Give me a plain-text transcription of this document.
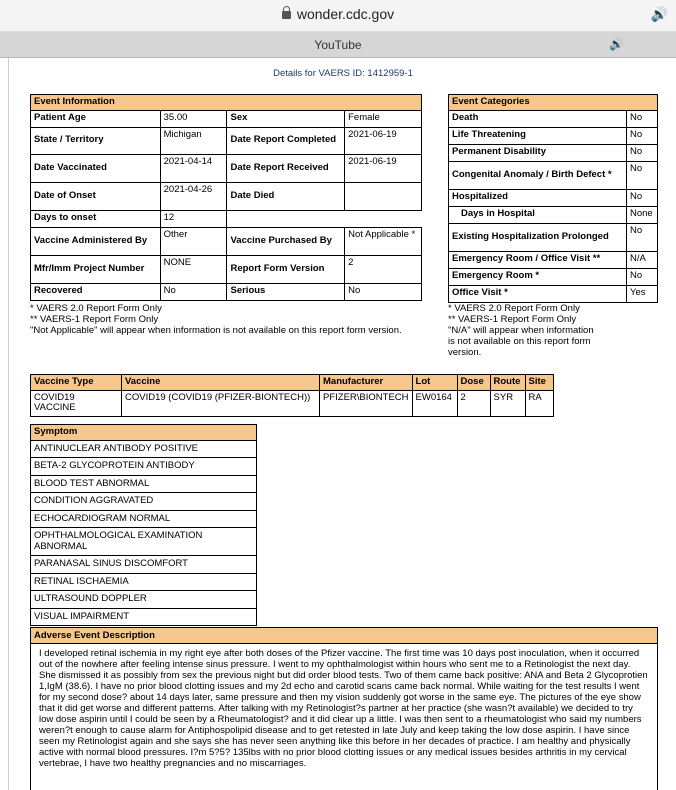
wonder.cdc.gov	🔊
YouTube	🔊
Details for VAERS ID: 1412959-1
Event Information			
Patient Age	35.00	Sex	Female
State / Territory	Michigan	Date Report Completed	2021-06-19
Date Vaccinated	2021-04-14	Date Report Received	2021-06-19
Date of Onset	2021-04-26	Date Died	
Days to onset	12		
Vaccine Administered By	Other	Vaccine Purchased By	Not Applicable *
Mfr/Imm Project Number	NONE	Report Form Version	2
Recovered	No	Serious	No
* VAERS 2.0 Report Form Only
** VAERS-1 Report Form Only
"Not Applicable" will appear when information is not available on this report form version.
Event Categories	
Death	No
Life Threatening	No
Permanent Disability	No
Congenital Anomaly / Birth Defect *	No
Hospitalized	No
Days in Hospital	None
Existing Hospitalization Prolonged	No
Emergency Room / Office Visit **	N/A
Emergency Room *	No
Office Visit *	Yes
* VAERS 2.0 Report Form Only
** VAERS-1 Report Form Only
"N/A" will appear when information is not available on this report form version.
Vaccine Type	Vaccine	Manufacturer	Lot	Dose	Route	Site
COVID19 VACCINE	COVID19 (COVID19 (PFIZER-BIONTECH))	PFIZER\BIONTECH	EW0164	2	SYR	RA
Symptom
ANTINUCLEAR ANTIBODY POSITIVE
BETA-2 GLYCOPROTEIN ANTIBODY
BLOOD TEST ABNORMAL
CONDITION AGGRAVATED
ECHOCARDIOGRAM NORMAL
OPHTHALMOLOGICAL EXAMINATION ABNORMAL
PARANASAL SINUS DISCOMFORT
RETINAL ISCHAEMIA
ULTRASOUND DOPPLER
VISUAL IMPAIRMENT
Adverse Event Description
I developed retinal ischemia in my right eye after both doses of the Pfizer vaccine. The first time was 10 days post inoculation, when it occurred out of the nowhere after feeling intense sinus pressure. I went to my ophthalmologist within hours who sent me to a Retinologist the next day. She dismissed it as possibly from sex the previous night but did order blood tests. Two of them came back positive: ANA and Beta 2 Glycoprotien 1,IgM (38.6). I have no prior blood clotting issues and my 2d echo and carotid scans came back normal. While waiting for the test results I went for my second dose? about 14 days later, same pressure and then my vision suddenly got worse in the same eye. The pictures of the eye show that it did get worse and different patterns. After talking with my Retinologist?s partner at her practice (she wasn?t available) we decided to try low dose aspirin until I could be seen by a Rheumatologist? and it did clear up a little. I was then sent to a rheumatologist who said my numbers weren?t enough to cause alarm for Antiphospolipid disease and to get retested in late July and keep taking the low dose aspirin. I have since seen my Retinologist again and she says she has never seen anything like this before in her decades of practice. I am healthy and physically active with normal blood pressures. I?m 5?5? 135lbs with no prior blood clotting issues or any medical issues besides arthritis in my cervical vertebrae, I have two healthy pregnancies and no miscarriages.
